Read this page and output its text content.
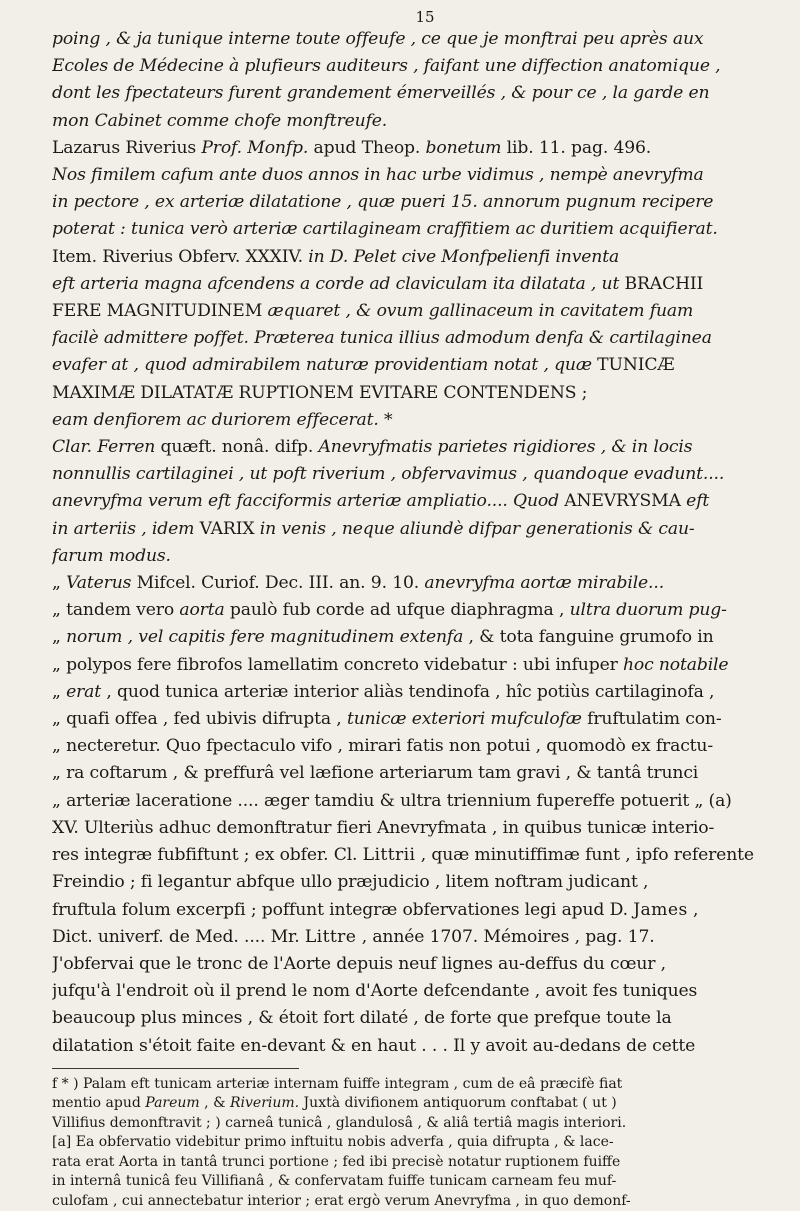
15
poing , & ja tunique interne toute offeufe , ce que je monftrai peu après aux
Ecoles de Médecine à plufieurs auditeurs , faifant une diffection anatomique ,
dont les fpectateurs furent grandement émerveillés , & pour ce , la garde en
mon Cabinet comme chofe monftreufe.
Lazarus Riverius Prof. Monfp. apud Theop. bonetum lib. 11. pag. 496.
Nos fimilem cafum ante duos annos in hac urbe vidimus , nempè anevryfma
in pectore , ex arteriæ dilatatione , quæ pueri 15. annorum pugnum recipere
poterat : tunica verò arteriæ cartilagineam craffitiem ac duritiem acquifierat.
Item. Riverius Obferv. XXXIV. in D. Pelet cive Monfpelienfi inventa
eft arteria magna afcendens a corde ad claviculam ita dilatata , ut BRACHII
FERE MAGNITUDINEM æquaret , & ovum gallinaceum in cavitatem fuam
facilè admittere poffet. Præterea tunica illius admodum denfa & cartilaginea
evafer at , quod admirabilem naturæ providentiam notat , quæ TUNICÆ
MAXIMÆ DILATATÆ RUPTIONEM EVITARE CONTENDENS ;
eam denfiorem ac duriorem effecerat. *
Clar. Ferren quæft. nonâ. difp. Anevryfmatis parietes rigidiores , & in locis
nonnullis cartilaginei , ut poft riverium , obfervavimus , quandoque evadunt....
anevryfma verum eft facciformis arteriæ ampliatio.... Quod ANEVRYSMA eft
in arteriis , idem VARIX in venis , neque aliundè difpar generationis & cau-
farum modus.
„ Vaterus Mifcel. Curiof. Dec. III. an. 9. 10. anevryfma aortæ mirabile...
„ tandem vero aorta paulò fub corde ad ufque diaphragma , ultra duorum pug-
„ norum , vel capitis fere magnitudinem extenfa , & tota fanguine grumofo in
„ polypos fere fibrofos lamellatim concreto videbatur : ubi infuper hoc notabile
„ erat , quod tunica arteriæ interior aliàs tendinofa , hîc potiùs cartilaginofa ,
„ quafi offea , fed ubivis difrupta , tunicæ exteriori mufculofæ fruftulatim con-
„ necteretur. Quo fpectaculo vifo , mirari fatis non potui , quomodò ex fractu-
„ ra coftarum , & preffurâ vel læfione arteriarum tam gravi , & tantâ trunci
„ arteriæ laceratione .... æger tamdiu & ultra triennium fupereffe potuerit „ (a)
XV. Ulteriùs adhuc demonftratur fieri Anevryfmata , in quibus tunicæ interio-
res integræ fubfiftunt ; ex obfer. Cl. Littrii , quæ minutiffimæ funt , ipfo referente
Freindio ; fi legantur abfque ullo præjudicio , litem noftram judicant ,
fruftula folum excerpfi ; poffunt integræ obfervationes legi apud D. James ,
Dict. univerf. de Med. .... Mr. Littre , année 1707. Mémoires , pag. 17.
J'obfervai que le tronc de l'Aorte depuis neuf lignes au-deffus du cœur ,
jufqu'à l'endroit où il prend le nom d'Aorte defcendante , avoit fes tuniques
beaucoup plus minces , & étoit fort dilaté , de forte que prefque toute la
dilatation s'étoit faite en-devant & en haut . . . Il y avoit au-dedans de cette
f * ) Palam eft tunicam arteriæ internam fuiffe integram , cum de eâ præcifè fiat
mentio apud Pareum , & Riverium. Juxtà divifionem antiquorum conftabat ( ut )
Villifius demonftravit ; ) carneâ tunicâ , glandulosâ , & aliâ tertiâ magis interiori.
[a] Ea obfervatio videbitur primo inftuitu nobis adverfa , quia difrupta , & lace-
rata erat Aorta in tantâ trunci portione ; fed ibi precisè notatur ruptionem fuiffe
in internâ tunicâ feu Villifianâ , & confervatam fuiffe tunicam carneam feu muf-
culofam , cui annectebatur interior ; erat ergò verum Anevryfma , in quo demonf-
